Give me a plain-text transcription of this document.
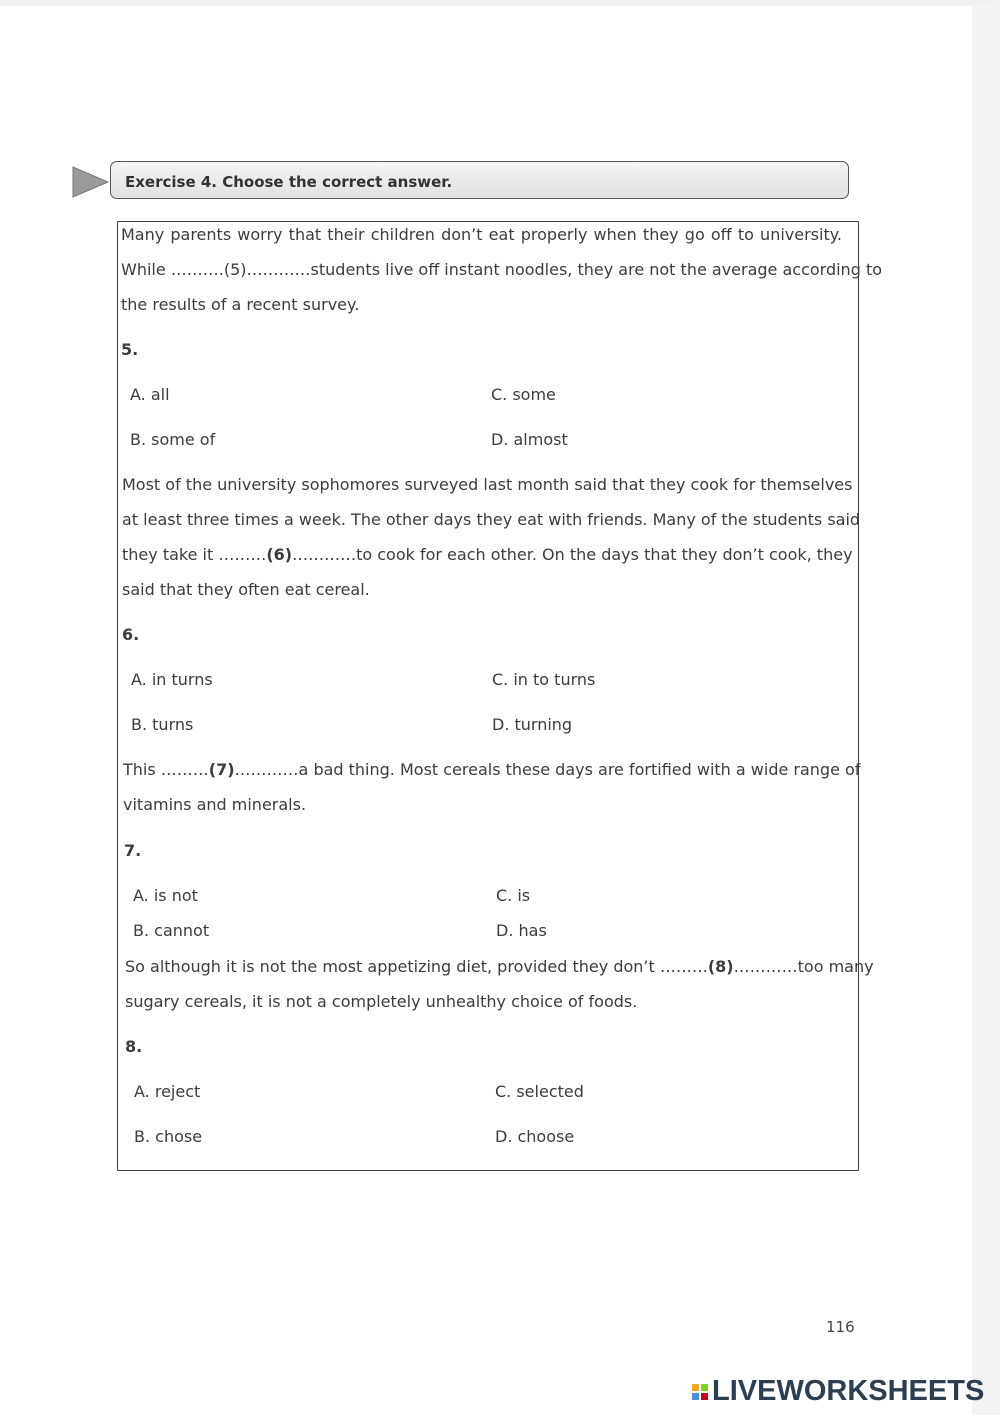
Exercise 4. Choose the correct answer.
Many parents worry that their children don’t eat properly when they go off to university.
While ……….(5)…………students live off instant noodles, they are not the average according to
the results of a recent survey.
5.
A. all	C. some
B. some of	D. almost
Most of the university sophomores surveyed last month said that they cook for themselves
at least three times a week. The other days they eat with friends. Many of the students said
they take it ………(6)…………to cook for each other. On the days that they don’t cook, they
said that they often eat cereal.
6.
A. in turns	C. in to turns
B. turns	D. turning
This ………(7)…………a bad thing. Most cereals these days are fortified with a wide range of
vitamins and minerals.
7.
A. is not	C. is
B. cannot	D. has
So although it is not the most appetizing diet, provided they don’t ………(8)…………too many
sugary cereals, it is not a completely unhealthy choice of foods.
8.
A. reject	C. selected
B. chose	D. choose
116
LIVEWORKSHEETS
